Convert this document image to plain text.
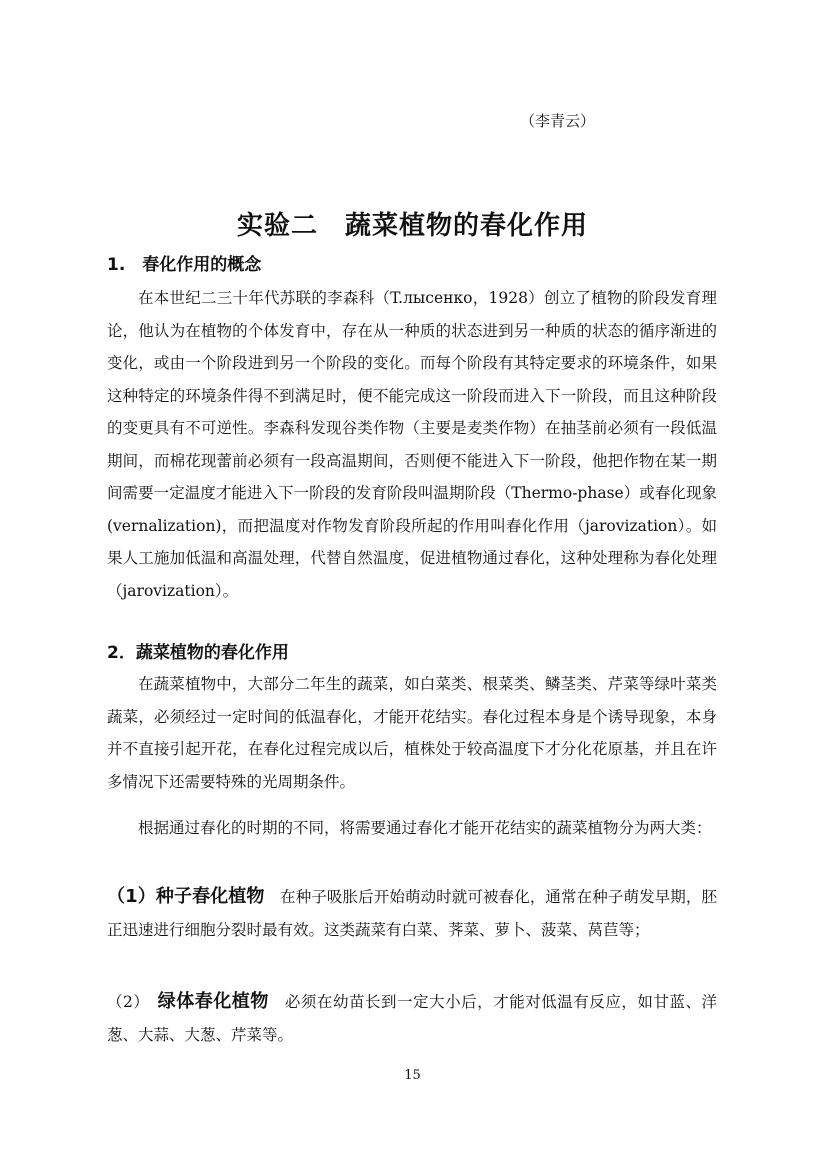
（李青云）
实验二　蔬菜植物的春化作用
1.　春化作用的概念

在本世纪二三十年代苏联的李森科（T.лысенко，1928）创立了植物的阶段发育理论，他认为在植物的个体发育中，存在从一种质的状态进到另一种质的状态的循序渐进的变化，或由一个阶段进到另一个阶段的变化。而每个阶段有其特定要求的环境条件，如果这种特定的环境条件得不到满足时，便不能完成这一阶段而进入下一阶段，而且这种阶段的变更具有不可逆性。李森科发现谷类作物（主要是麦类作物）在抽茎前必须有一段低温期间，而棉花现蕾前必须有一段高温期间，否则便不能进入下一阶段，他把作物在某一期间需要一定温度才能进入下一阶段的发育阶段叫温期阶段（Thermo-phase）或春化现象(vernalization)，而把温度对作物发育阶段所起的作用叫春化作用（jarovization）。如果人工施加低温和高温处理，代替自然温度，促进植物通过春化，这种处理称为春化处理（jarovization）。

2．蔬菜植物的春化作用

在蔬菜植物中，大部分二年生的蔬菜，如白菜类、根菜类、鳞茎类、芹菜等绿叶菜类蔬菜，必须经过一定时间的低温春化，才能开花结实。春化过程本身是个诱导现象，本身并不直接引起开花，在春化过程完成以后，植株处于较高温度下才分化花原基，并且在许多情况下还需要特殊的光周期条件。

根据通过春化的时期的不同，将需要通过春化才能开花结实的蔬菜植物分为两大类：

（1）种子春化植物　在种子吸胀后开始萌动时就可被春化，通常在种子萌发早期，胚正迅速进行细胞分裂时最有效。这类蔬菜有白菜、荠菜、萝卜、菠菜、莴苣等；

（2）　绿体春化植物　必须在幼苗长到一定大小后，才能对低温有反应，如甘蓝、洋葱、大蒜、大葱、芹菜等。

15
